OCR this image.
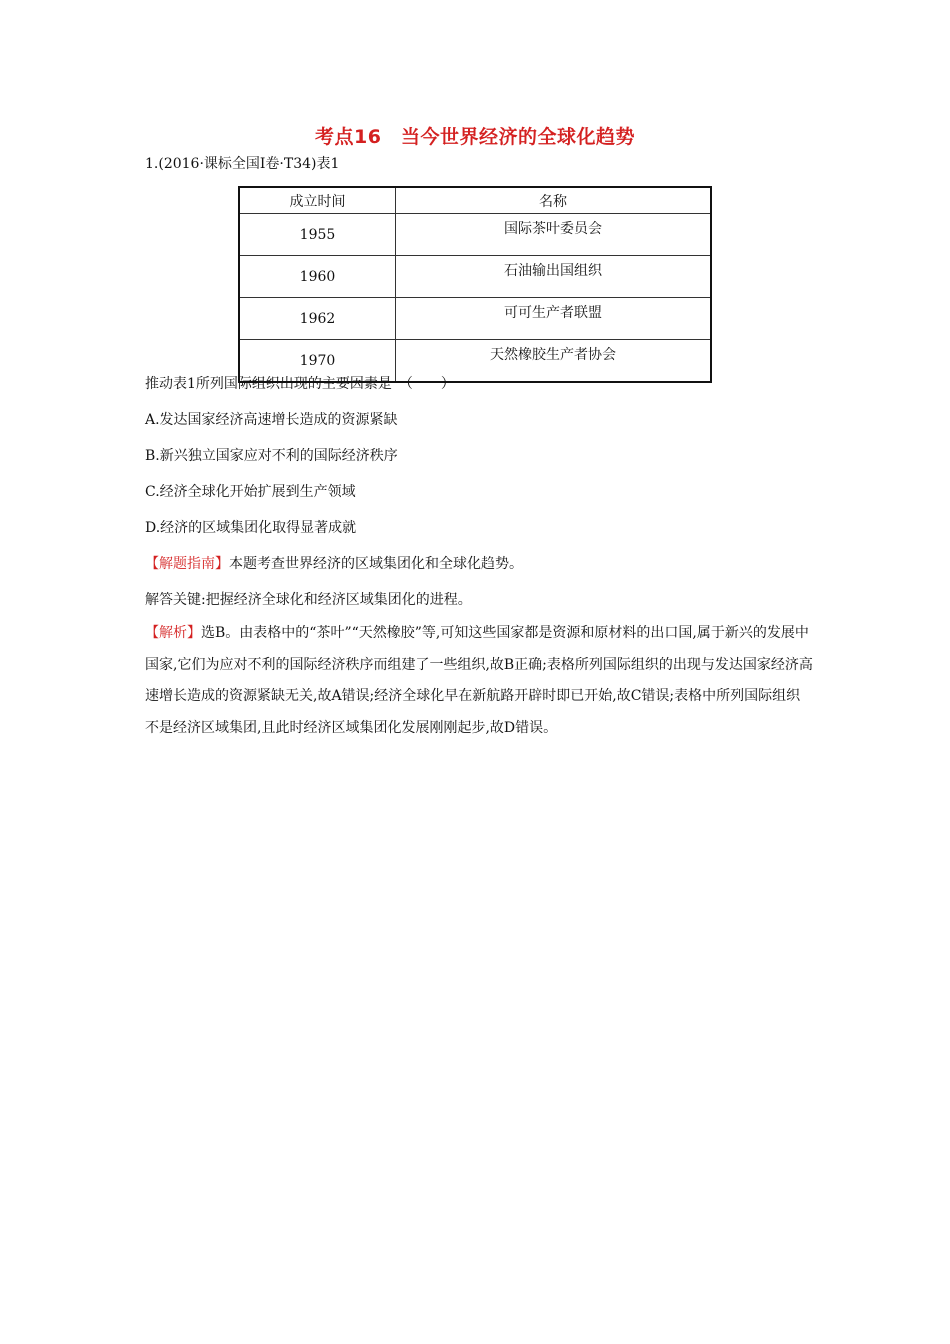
考点16　当今世界经济的全球化趋势
1.(2016·课标全国Ⅰ卷·T34)表1
成立时间	名称
1955	国际茶叶委员会
1960	石油输出国组织
1962	可可生产者联盟
1970	天然橡胶生产者协会
推动表1所列国际组织出现的主要因素是　（　　）
A.发达国家经济高速增长造成的资源紧缺
B.新兴独立国家应对不利的国际经济秩序
C.经济全球化开始扩展到生产领域
D.经济的区域集团化取得显著成就
【解题指南】本题考查世界经济的区域集团化和全球化趋势。
解答关键:把握经济全球化和经济区域集团化的进程。
【解析】选B。由表格中的“茶叶”“天然橡胶”等,可知这些国家都是资源和原材料的出口国,属于新兴的发展中国家,它们为应对不利的国际经济秩序而组建了一些组织,故B正确;表格所列国际组织的出现与发达国家经济高速增长造成的资源紧缺无关,故A错误;经济全球化早在新航路开辟时即已开始,故C错误;表格中所列国际组织不是经济区域集团,且此时经济区域集团化发展刚刚起步,故D错误。
